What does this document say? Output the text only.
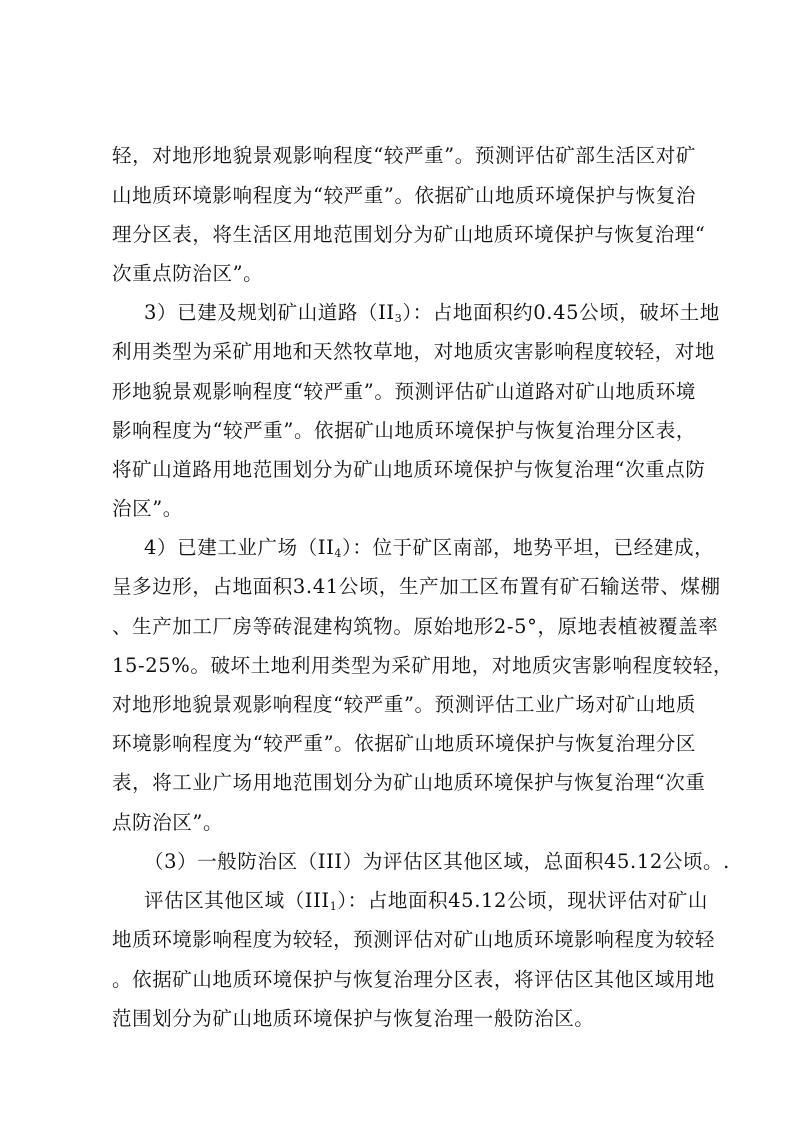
轻，对地形地貌景观影响程度“较严重”。预测评估矿部生活区对矿
山地质环境影响程度为“较严重”。依据矿山地质环境保护与恢复治
理分区表，将生活区用地范围划分为矿山地质环境保护与恢复治理“
次重点防治区”。
3）已建及规划矿山道路$(II_3)$：占地面积约0.45公顷，破坏土地
利用类型为采矿用地和天然牧草地，对地质灾害影响程度较轻，对地
形地貌景观影响程度“较严重”。预测评估矿山道路对矿山地质环境
影响程度为“较严重”。依据矿山地质环境保护与恢复治理分区表，
将矿山道路用地范围划分为矿山地质环境保护与恢复治理“次重点防
治区”。
4）已建工业广场$(II_4)$：位于矿区南部，地势平坦，已经建成，
呈多边形，占地面积3.41公顷，生产加工区布置有矿石输送带、煤棚
、生产加工厂房等砖混建构筑物。原始地形2-5°，原地表植被覆盖率
15-25%。破坏土地利用类型为采矿用地，对地质灾害影响程度较轻，
对地形地貌景观影响程度“较严重”。预测评估工业广场对矿山地质
环境影响程度为“较严重”。依据矿山地质环境保护与恢复治理分区
表，将工业广场用地范围划分为矿山地质环境保护与恢复治理“次重
点防治区”。
（3）一般防治区（III）为评估区其他区域，总面积45.12公顷。.
评估区其他区域$(III_1)$：占地面积45.12公顷，现状评估对矿山
地质环境影响程度为较轻，预测评估对矿山地质环境影响程度为较轻
。依据矿山地质环境保护与恢复治理分区表，将评估区其他区域用地
范围划分为矿山地质环境保护与恢复治理一般防治区。
